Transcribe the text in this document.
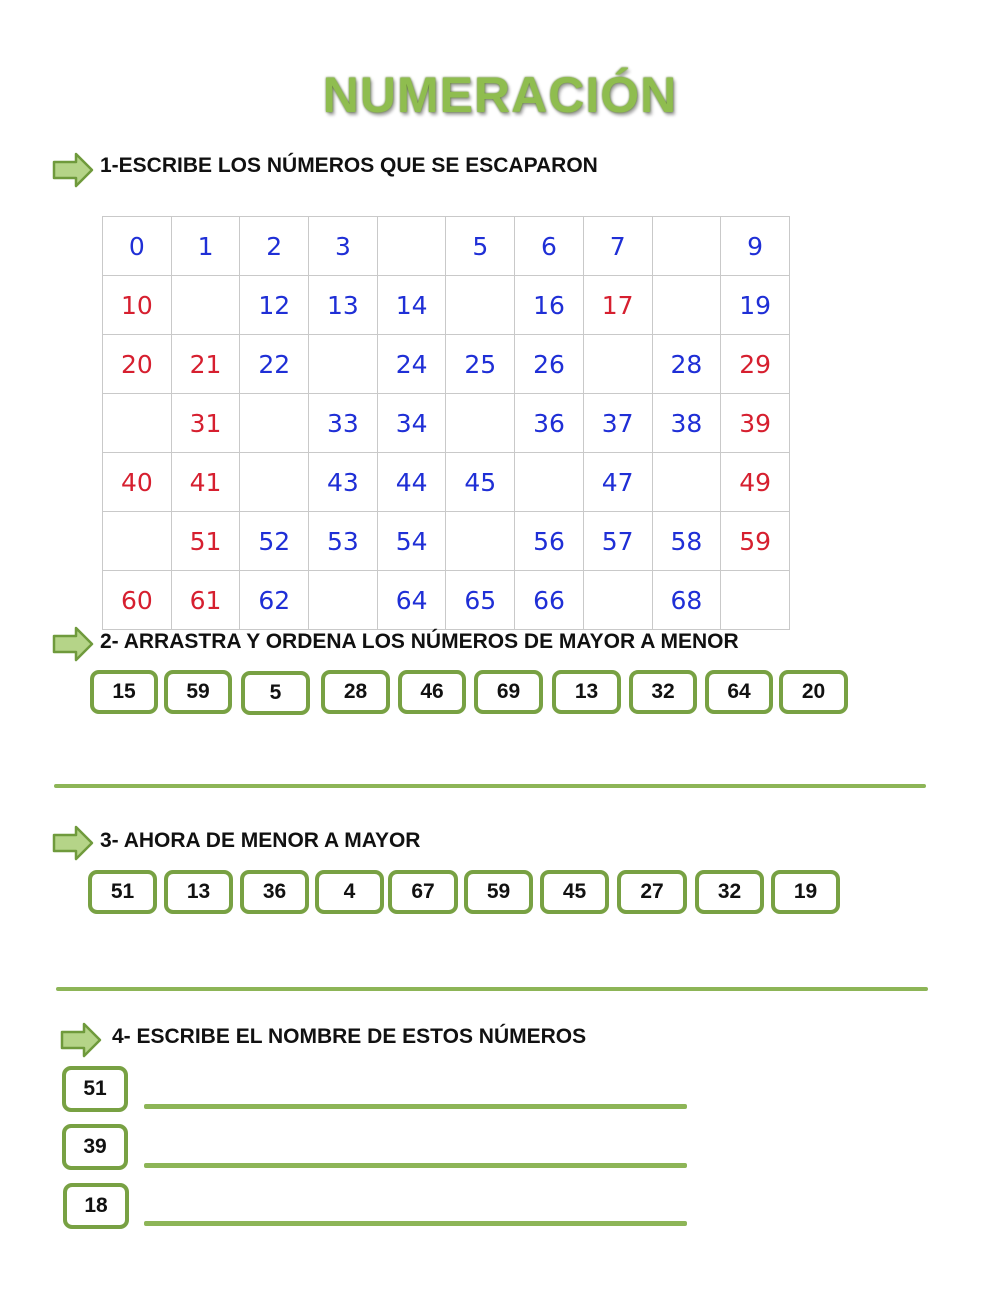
NUMERACIÓN
1-ESCRIBE LOS NÚMEROS QUE SE ESCAPARON
0	1	2	3		5	6	7		9
10		12	13	14		16	17		19
20	21	22		24	25	26		28	29
	31		33	34		36	37	38	39
40	41		43	44	45		47		49
	51	52	53	54		56	57	58	59
60	61	62		64	65	66		68	
2- ARRASTRA Y ORDENA LOS NÚMEROS DE MAYOR A MENOR
15	59	5	28	46	69	13	32	64	20
3- AHORA DE MENOR A MAYOR
51	13	36	4	67	59	45	27	32	19
4- ESCRIBE EL NOMBRE DE ESTOS NÚMEROS
51
39
18
